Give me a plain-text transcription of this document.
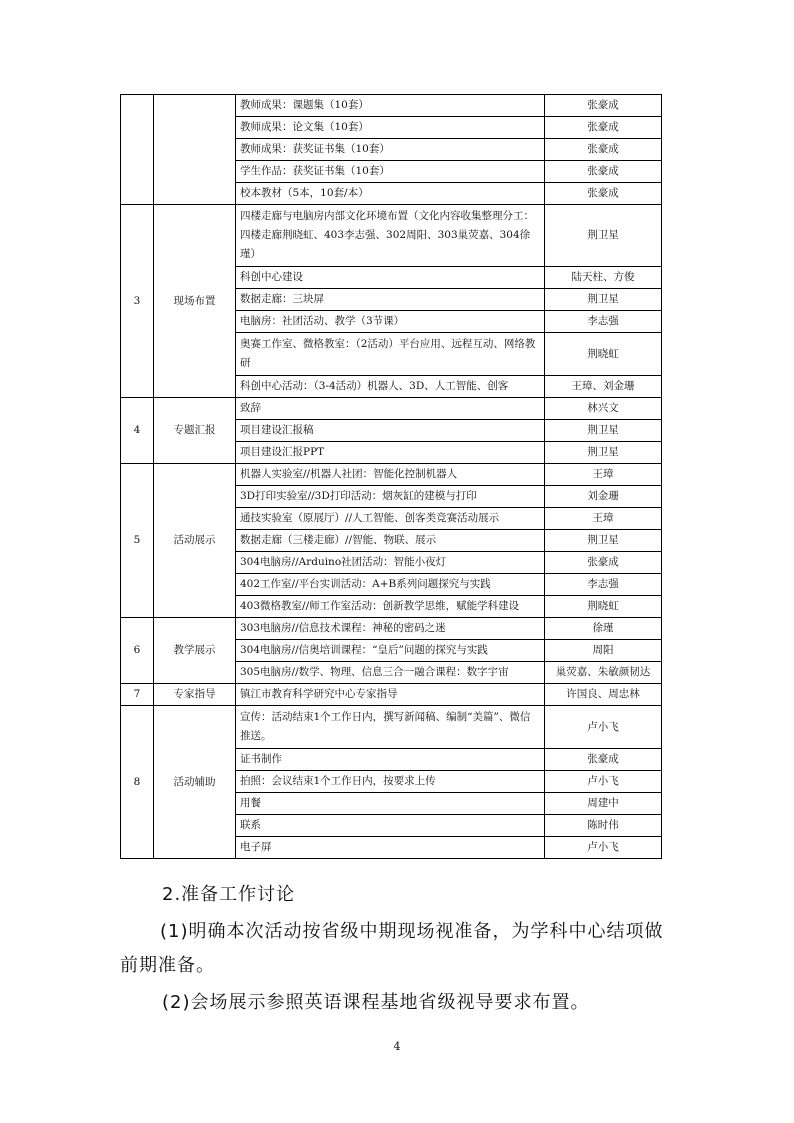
		教师成果：课题集（10套）	张豪成
		教师成果：论文集（10套）	张豪成
		教师成果：获奖证书集（10套）	张豪成
		学生作品：获奖证书集（10套）	张豪成
		校本教材（5本，10套/本）	张豪成
3	现场布置	四楼走廊与电脑房内部文化环境布置（文化内容收集整理分工：四楼走廊荆晓虹、403李志强、302周阳、303巢荧嘉、304徐瑾）	荆卫星
		科创中心建设	陆天柱、方俊
		数据走廊：三块屏	荆卫星
		电脑房：社团活动、教学（3节课）	李志强
		奥赛工作室、微格教室：（2活动）平台应用、远程互动、网络教研	荆晓虹
		科创中心活动：（3-4活动）机器人、3D、人工智能、创客	王璋、刘金珊
4	专题汇报	致辞	林兴文
		项目建设汇报稿	荆卫星
		项目建设汇报PPT	荆卫星
5	活动展示	机器人实验室//机器人社团：智能化控制机器人	王璋
		3D打印实验室//3D打印活动：烟灰缸的建模与打印	刘金珊
		通技实验室（原展厅）//人工智能、创客类竞赛活动展示	王璋
		数据走廊（三楼走廊）//智能、物联、展示	荆卫星
		304电脑房//Arduino社团活动：智能小夜灯	张豪成
		402工作室//平台实训活动：A+B系列问题探究与实践	李志强
		403微格教室//师工作室活动：创新教学思维，赋能学科建设	荆晓虹
6	教学展示	303电脑房//信息技术课程：神秘的密码之迷	徐瑾
		304电脑房//信奥培训课程：“皇后”问题的探究与实践	周阳
		305电脑房//数学、物理、信息三合一融合课程：数字宇宙	巢荧嘉、朱敏颜韧达
7	专家指导	镇江市教育科学研究中心专家指导	许国良、周忠林
8	活动辅助	宣传：活动结束1个工作日内，撰写新闻稿、编制“美篇”、微信推送。	卢小飞
		证书制作	张豪成
		拍照：会议结束1个工作日内，按要求上传	卢小飞
		用餐	周建中
		联系	陈时伟
		电子屏	卢小飞
2.准备工作讨论
(1)明确本次活动按省级中期现场视准备，为学科中心结项做前期准备。
(2)会场展示参照英语课程基地省级视导要求布置。
4
